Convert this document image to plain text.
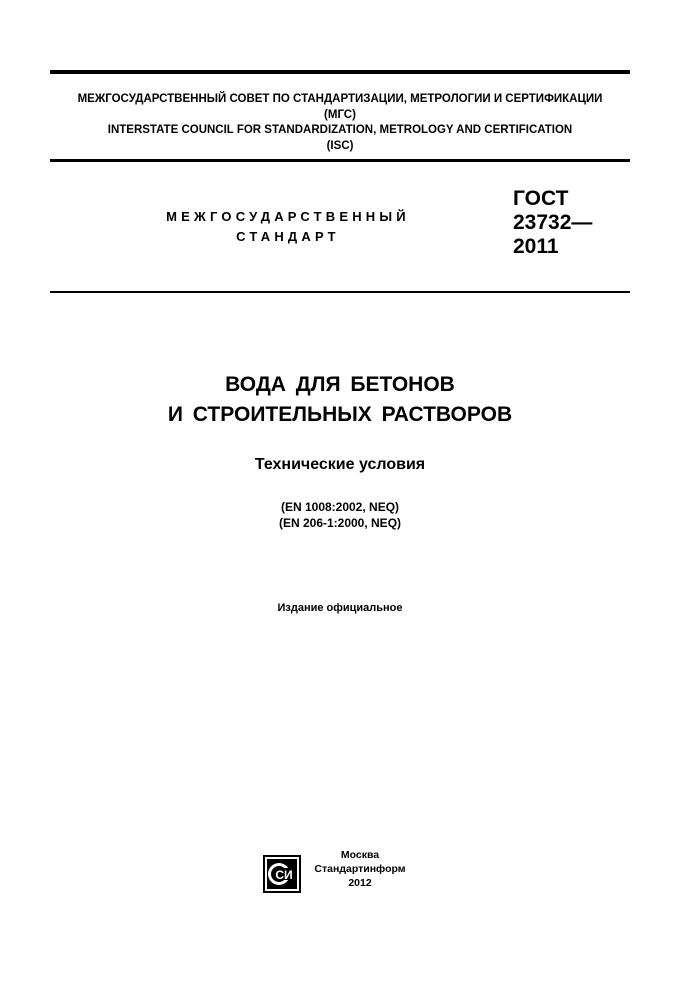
МЕЖГОСУДАРСТВЕННЫЙ СОВЕТ ПО СТАНДАРТИЗАЦИИ, МЕТРОЛОГИИ И СЕРТИФИКАЦИИ
(МГС)
INTERSTATE COUNCIL FOR STANDARDIZATION, METROLOGY AND CERTIFICATION
(ISC)
МЕЖГОСУДАРСТВЕННЫЙ
СТАНДАРТ
ГОСТ
23732—
2011
ВОДА ДЛЯ БЕТОНОВ
И СТРОИТЕЛЬНЫХ РАСТВОРОВ
Технические условия
(EN 1008:2002, NEQ)
(EN 206-1:2000, NEQ)
Издание официальное
СИ
Москва
Стандартинформ
2012
